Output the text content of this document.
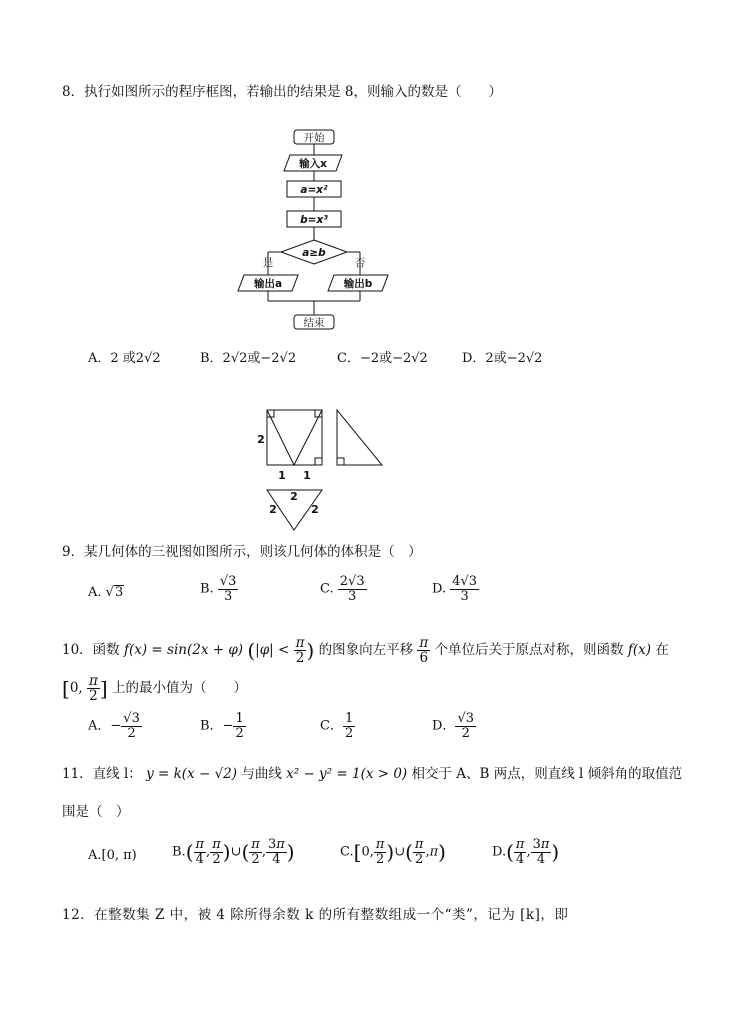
8．执行如图所示的程序框图，若输出的结果是 8，则输入的数是（　　）
开始
输入x
a=x²
b=x³
a≥b
是	否
输出a	输出b
结束
A．2 或2√2	B．2√2或−2√2	C．−2或−2√2	D．2或−2√2
2
1 1
2
2	2
9．某几何体的三视图如图所示，则该几何体的体积是（　）
A. √3	B. $\frac{√3}{3}$	C. $\frac{2√3}{3}$	D. $\frac{4√3}{3}$
10．函数 f(x) = sin(2x + φ) ($|\varphi| < \frac{\pi}{2}$ ) 的图象向左平移 $\frac{\pi}{6}$ 个单位后关于原点对称，则函数 f(x) 在
[0, $\frac{\pi}{2}$ ] 上的最小值为（　　）
A．− $\frac{√3}{2}$	B．− $\frac{1}{2}$	C． $\frac{1}{2}$	D． $\frac{√3}{2}$
11．直线 l： y = k(x − √2) 与曲线 x² − y² = 1(x > 0) 相交于 A、B 两点，则直线 l 倾斜角的取值范
围是（　）
A.[0, π)	$B.( \frac{\pi}{4}$ , $\frac{\pi}{2}$ )∪( $\frac{\pi}{2}$ , $\frac{3\pi}{4}$ )	C.[0, $\frac{\pi}{2}$ )∪( $\frac{\pi}{2} ,\pi$)	$D.( \frac{\pi}{4}$ , $\frac{3\pi}{4}$ )
12．在整数集 Z 中，被 4 除所得余数 k 的所有整数组成一个“类”，记为 [k]，即
